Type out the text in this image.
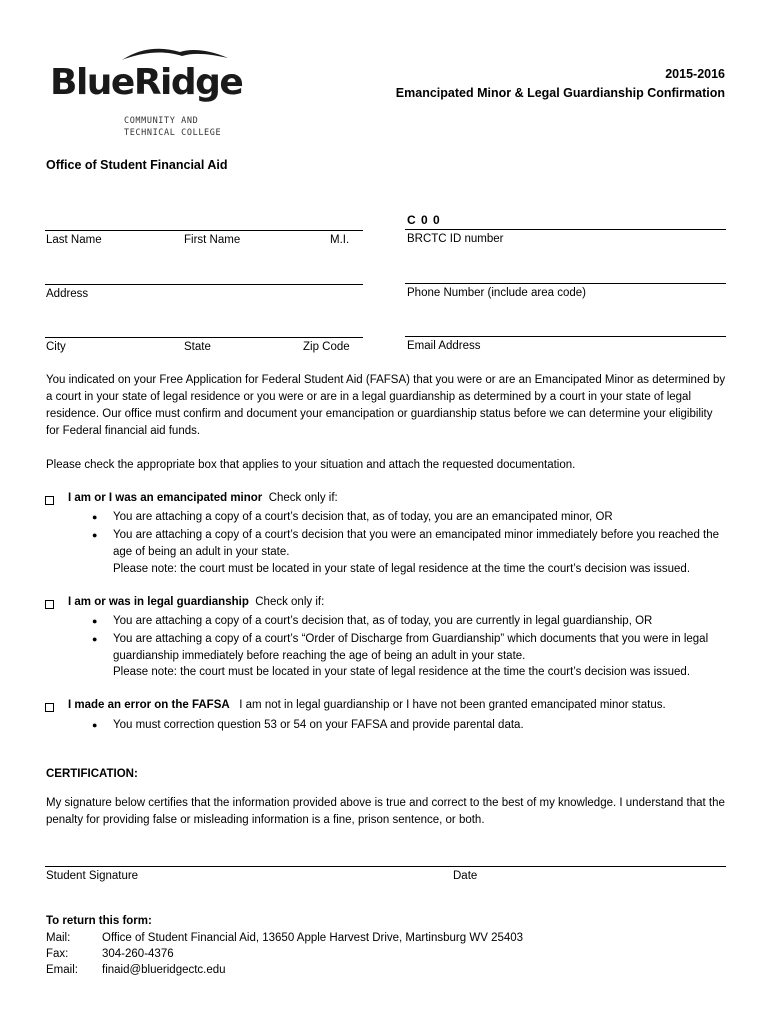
BlueRidge
COMMUNITY AND
TECHNICAL COLLEGE
2015-2016
Emancipated Minor & Legal Guardianship Confirmation
Office of Student Financial Aid
C 0 0
Last Name	First Name	M.I.	BRCTC ID number
Address	Phone Number (include area code)
City	State	Zip Code	Email Address

You indicated on your Free Application for Federal Student Aid (FAFSA) that you were or are an Emancipated Minor as determined by a court in your state of legal residence or you were or are in a legal guardianship as determined by a court in your state of legal residence. Our office must confirm and document your emancipation or guardianship status before we can determine your eligibility for Federal financial aid funds.

Please check the appropriate box that applies to your situation and attach the requested documentation.

I am or I was an emancipated minor Check only if:
● You are attaching a copy of a court’s decision that, as of today, you are an emancipated minor, OR
● You are attaching a copy of a court’s decision that you were an emancipated minor immediately before you reached the age of being an adult in your state.
Please note: the court must be located in your state of legal residence at the time the court’s decision was issued.
I am or was in legal guardianship Check only if:
● You are attaching a copy of a court’s decision that, as of today, you are currently in legal guardianship, OR
● You are attaching a copy of a court’s “Order of Discharge from Guardianship” which documents that you were in legal guardianship immediately before reaching the age of being an adult in your state.
Please note: the court must be located in your state of legal residence at the time the court’s decision was issued.
I made an error on the FAFSA I am not in legal guardianship or I have not been granted emancipated minor status.
● You must correction question 53 or 54 on your FAFSA and provide parental data.
CERTIFICATION:

My signature below certifies that the information provided above is true and correct to the best of my knowledge. I understand that the penalty for providing false or misleading information is a fine, prison sentence, or both.

Student Signature	Date
To return this form:
Mail:	Office of Student Financial Aid, 13650 Apple Harvest Drive, Martinsburg WV 25403
Fax:	304-260-4376
Email: finaid@blueridgectc.edu
